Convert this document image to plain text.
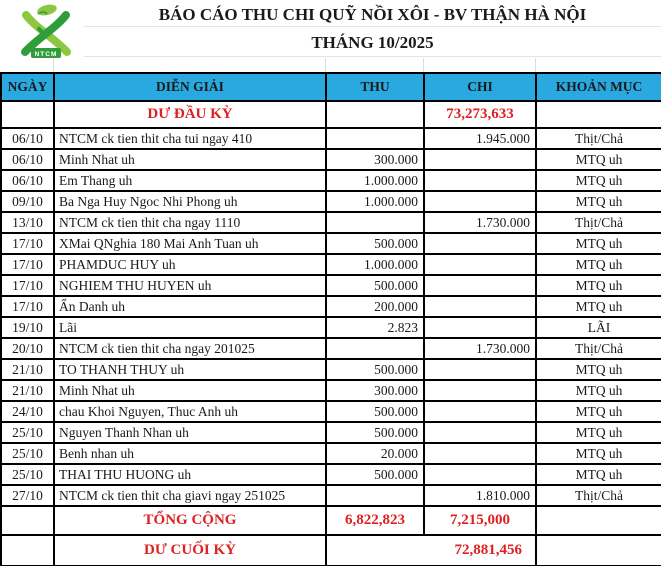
NTCM
BÁO CÁO THU CHI QUỸ NỒI XÔI - BV THẬN HÀ NỘI
THÁNG 10/2025
NGÀY	DIỄN GIẢI	THU	CHI	KHOẢN MỤC
	DƯ ĐẦU KỲ		73,273,633	
06/10	NTCM ck tien thit cha tui ngay 410		1.945.000	Thịt/Chả
06/10	Minh Nhat uh	300.000		MTQ uh
06/10	Em Thang uh	1.000.000		MTQ uh
09/10	Ba Nga Huy Ngoc Nhi Phong uh	1.000.000		MTQ uh
13/10	NTCM ck tien thit cha ngay 1110		1.730.000	Thịt/Chả
17/10	XMai QNghia 180 Mai Anh Tuan uh	500.000		MTQ uh
17/10	PHAMDUC HUY uh	1.000.000		MTQ uh
17/10	NGHIEM THU HUYEN uh	500.000		MTQ uh
17/10	Ẩn Danh uh	200.000		MTQ uh
19/10	Lãi	2.823		LÃI
20/10	NTCM ck tien thit cha ngay 201025		1.730.000	Thịt/Chả
21/10	TO THANH THUY uh	500.000		MTQ uh
21/10	Minh Nhat uh	300.000		MTQ uh
24/10	chau Khoi Nguyen, Thuc Anh uh	500.000		MTQ uh
25/10	Nguyen Thanh Nhan uh	500.000		MTQ uh
25/10	Benh nhan uh	20.000		MTQ uh
25/10	THAI THU HUONG uh	500.000		MTQ uh
27/10	NTCM ck tien thit cha giavi ngay 251025		1.810.000	Thịt/Chả
	TỔNG CỘNG	6,822,823	7,215,000	
	DƯ CUỐI KỲ	72,881,456		
